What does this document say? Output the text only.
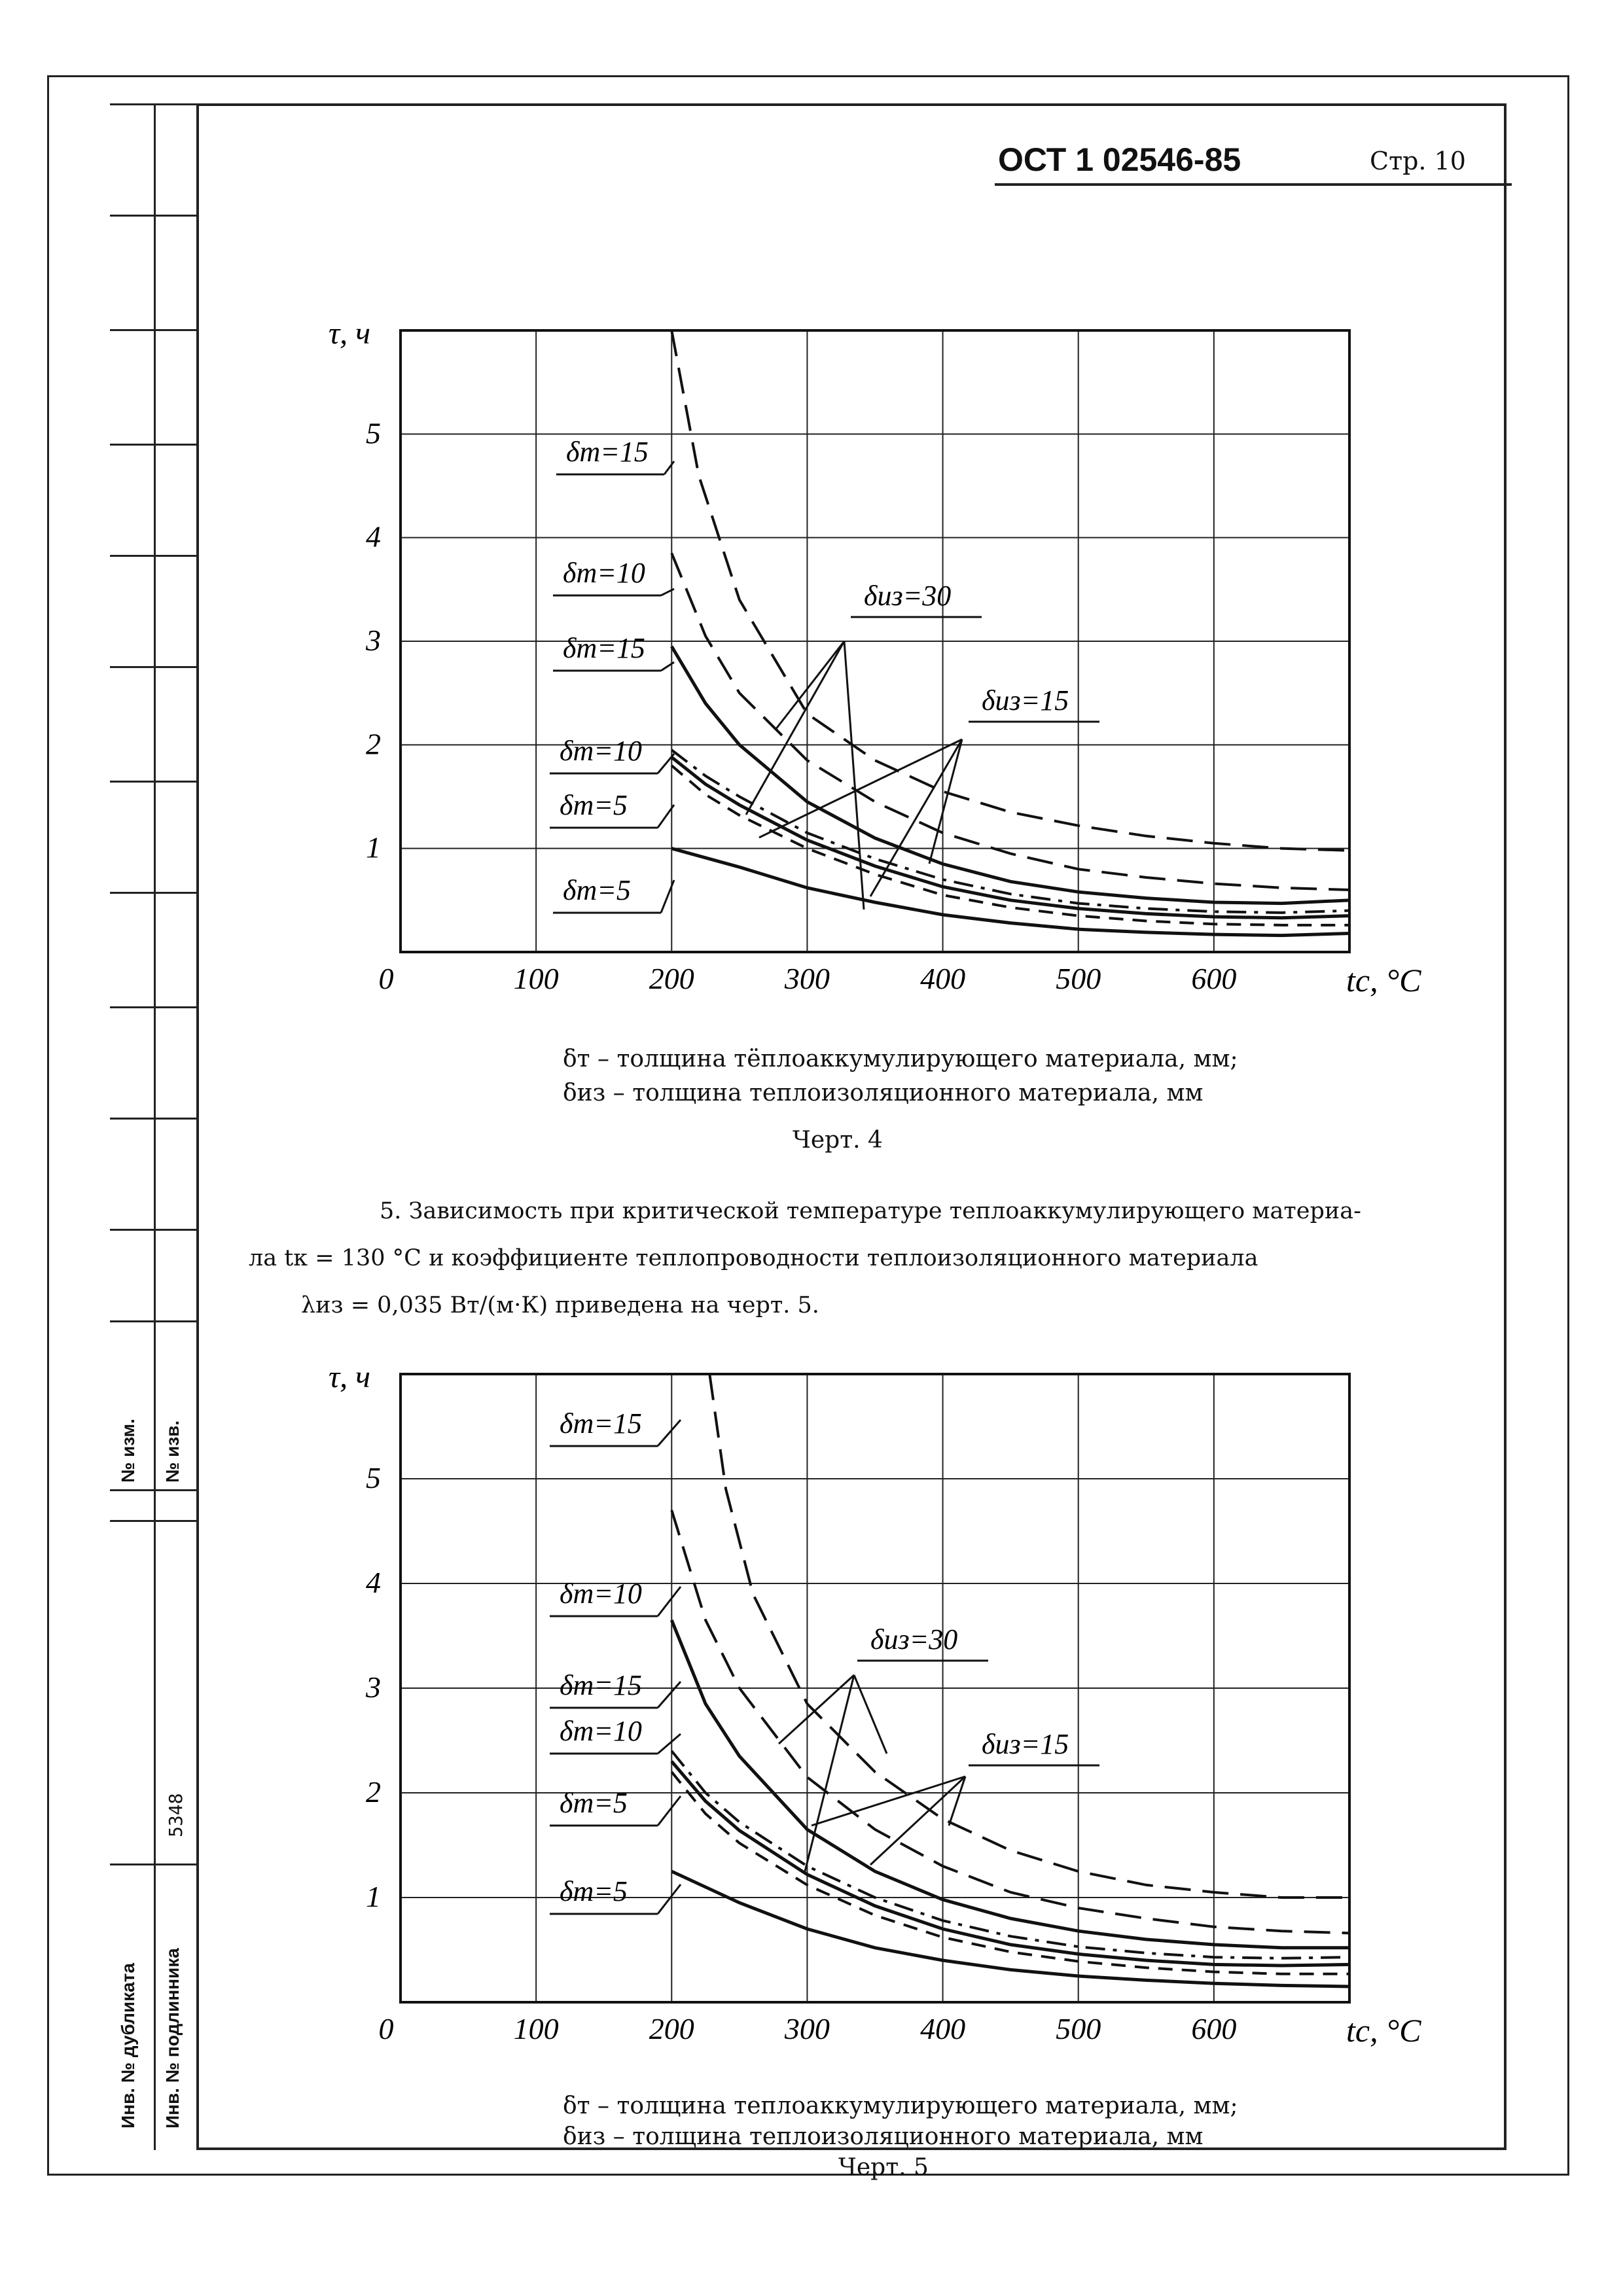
№ изм. № изв.
Инв. № дубликата Инв. № подлинника
5348
ОСТ 1 02546-85	Стр. 10
0	100	200	300	400	500	600
1
2
3
4
5
τ, ч
tc, °C
δт=15
δт=10
δт=15
δт=10
δт=5
δт=5
δиз=30
δиз=15
0	100	200	300	400	500	600
1
2
3
4
5
τ, ч
tc, °C
δт=15
δт=10
δт=15
δт=10
δт=5
δт=5
δиз=30
δиз=15
δт – толщина тёплоаккумулирующего материала, мм;
δиз – толщина теплоизоляционного материала, мм
Черт. 4

5. Зависимость при критической температуре теплоаккумулирующего материа-

ла tк = 130 °C и коэффициенте теплопроводности теплоизоляционного материала

λиз = 0,035 Вт/(м·К) приведена на черт. 5.

δт – толщина теплоаккумулирующего материала, мм;
δиз – толщина теплоизоляционного материала, мм
Черт. 5
